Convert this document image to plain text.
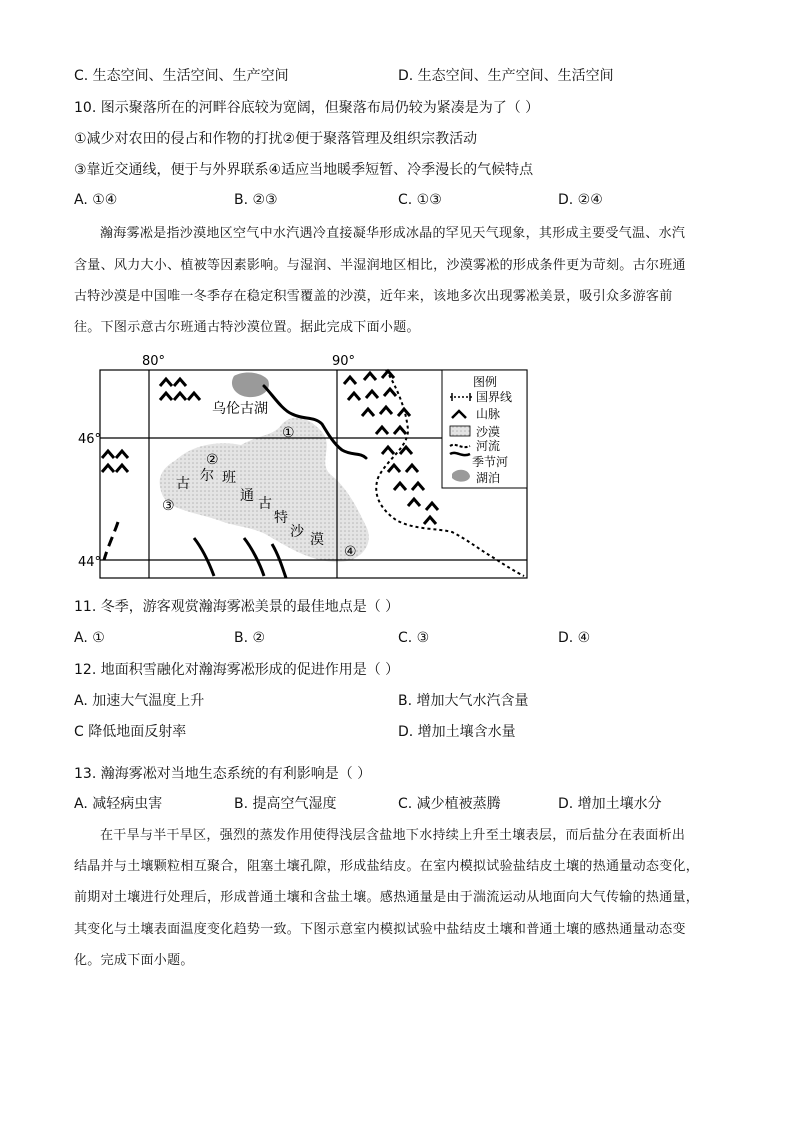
C. 生态空间、生活空间、生产空间	D. 生态空间、生产空间、生活空间
10. 图示聚落所在的河畔谷底较为宽阔，但聚落布局仍较为紧凑是为了（ ）
①减少对农田的侵占和作物的打扰②便于聚落管理及组织宗教活动
③靠近交通线，便于与外界联系④适应当地暖季短暂、冷季漫长的气候特点
A. ①④	B. ②③	C. ①③	D. ②④
瀚海雾凇是指沙漠地区空气中水汽遇冷直接凝华形成冰晶的罕见天气现象，其形成主要受气温、水汽
含量、风力大小、植被等因素影响。与湿润、半湿润地区相比，沙漠雾凇的形成条件更为苛刻。古尔班通
古特沙漠是中国唯一冬季存在稳定积雪覆盖的沙漠，近年来，该地多次出现雾凇美景，吸引众多游客前
往。下图示意古尔班通古特沙漠位置。据此完成下面小题。
80°	90°
46°
44°
乌伦古湖
古 尔 班
通 古
特
沙 漠
①
②
③
④
图例
国界线
山脉
沙漠
河流
季节河
湖泊
11. 冬季，游客观赏瀚海雾凇美景的最佳地点是（ ）
A. ①	B. ②	C. ③	D. ④
12. 地面积雪融化对瀚海雾凇形成的促进作用是（ ）
A. 加速大气温度上升	B. 增加大气水汽含量
C 降低地面反射率	D. 增加土壤含水量
13. 瀚海雾凇对当地生态系统的有利影响是（ ）
A. 减轻病虫害	B. 提高空气湿度	C. 减少植被蒸腾	D. 增加土壤水分
在干旱与半干旱区，强烈的蒸发作用使得浅层含盐地下水持续上升至土壤表层，而后盐分在表面析出
结晶并与土壤颗粒相互聚合，阻塞土壤孔隙，形成盐结皮。在室内模拟试验盐结皮土壤的热通量动态变化，
前期对土壤进行处理后，形成普通土壤和含盐土壤。感热通量是由于湍流运动从地面向大气传输的热通量，
其变化与土壤表面温度变化趋势一致。下图示意室内模拟试验中盐结皮土壤和普通土壤的感热通量动态变
化。完成下面小题。
